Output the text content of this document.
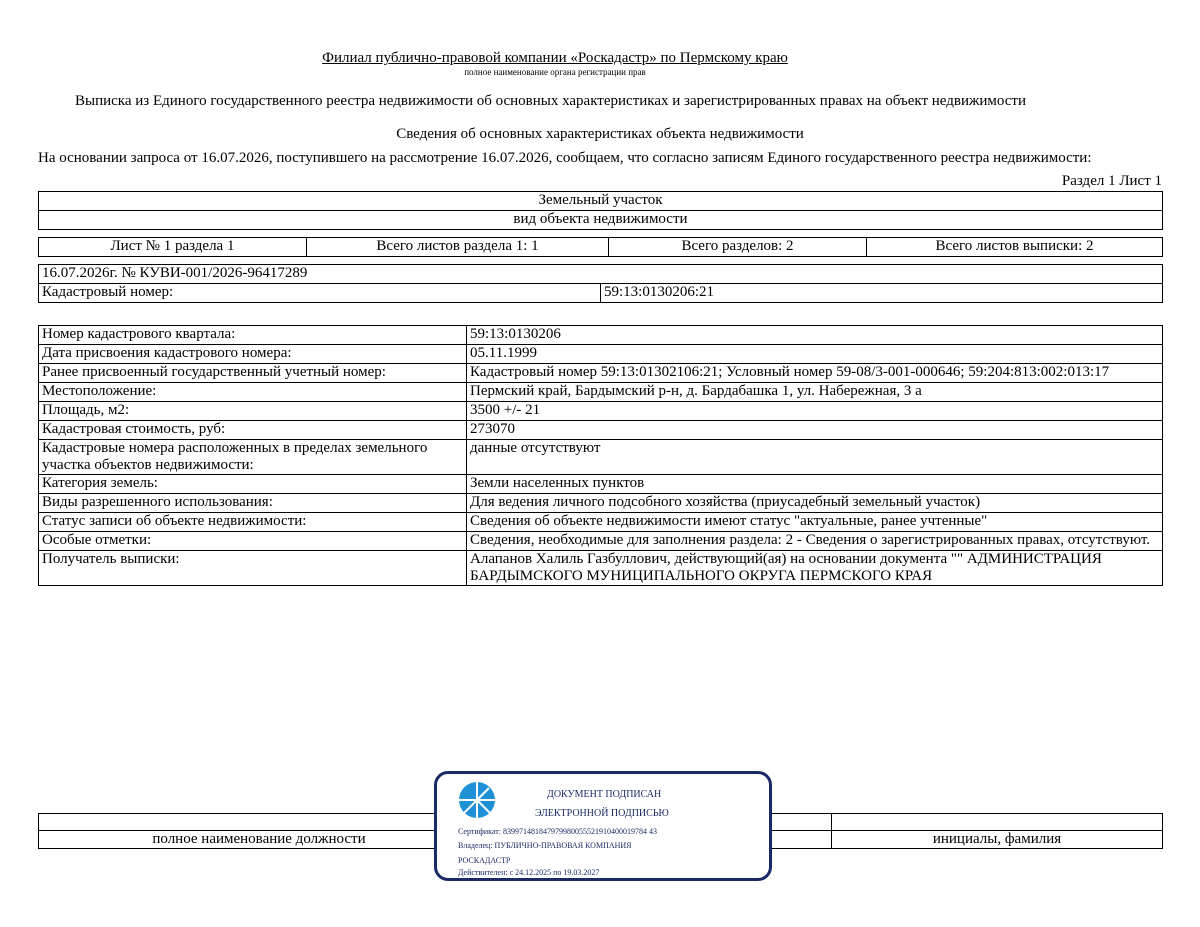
Филиал публично-правовой компании «Роскадастр» по Пермскому краю
полное наименование органа регистрации прав
Выписка из Единого государственного реестра недвижимости об основных характеристиках и зарегистрированных правах на объект недвижимости
Сведения об основных характеристиках объекта недвижимости
На основании запроса от 16.07.2026, поступившего на рассмотрение 16.07.2026, сообщаем, что согласно записям Единого государственного реестра недвижимости:
Раздел 1 Лист 1
Земельный участок
вид объекта недвижимости
Лист № 1 раздела 1	Всего листов раздела 1: 1	Всего разделов: 2	Всего листов выписки: 2
16.07.2026г. № КУВИ-001/2026-96417289
Кадастровый номер:	59:13:0130206:21
Номер кадастрового квартала:	59:13:0130206
Дата присвоения кадастрового номера:	05.11.1999
Ранее присвоенный государственный учетный номер:	Кадастровый номер 59:13:01302106:21; Условный номер 59-08/3-001-000646; 59:204:813:002:013:17
Местоположение:	Пермский край, Бардымский р-н, д. Бардабашка 1, ул. Набережная, 3 а
Площадь, м2:	3500 +/- 21
Кадастровая стоимость, руб:	273070
Кадастровые номера расположенных в пределах земельного участка объектов недвижимости:	данные отсутствуют
Категория земель:	Земли населенных пунктов
Виды разрешенного использования:	Для ведения личного подсобного хозяйства (приусадебный земельный участок)
Статус записи об объекте недвижимости:	Сведения об объекте недвижимости имеют статус "актуальные, ранее учтенные"
Особые отметки:	Сведения, необходимые для заполнения раздела: 2 - Сведения о зарегистрированных правах, отсутствуют.
Получатель выписки:	Алапанов Халиль Газбуллович, действующий(ая) на основании документа "" АДМИНИСТРАЦИЯ БАРДЫМСКОГО МУНИЦИПАЛЬНОГО ОКРУГА ПЕРМСКОГО КРАЯ

полное наименование должности		инициалы, фамилия
ДОКУМЕНТ ПОДПИСАН
ЭЛЕКТРОННОЙ ПОДПИСЬЮ
Сертификат: 839971481847979980055521910400019784 43
Владелец: ПУБЛИЧНО-ПРАВОВАЯ КОМПАНИЯ
РОСКАДАСТР
Действителен: с 24.12.2025 по 19.03.2027
